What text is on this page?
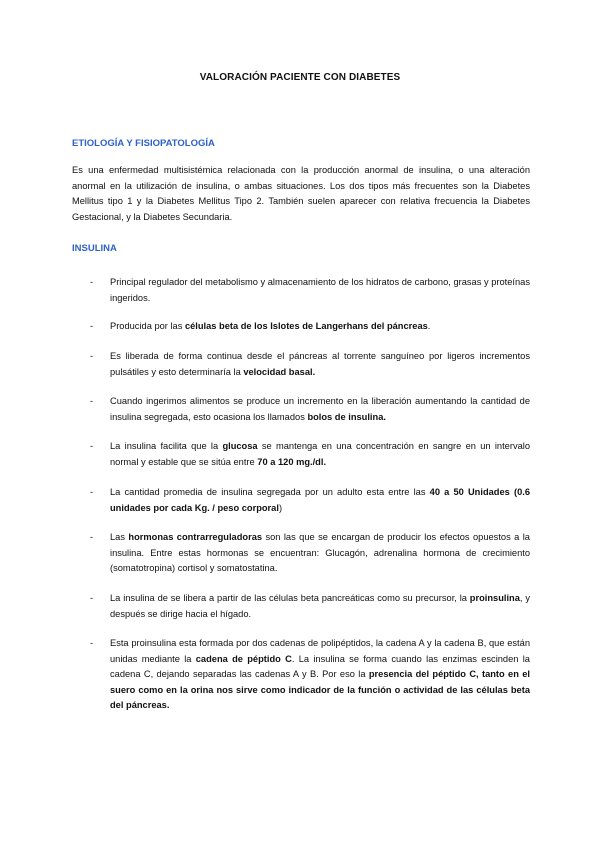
VALORACIÓN PACIENTE CON DIABETES
ETIOLOGÍA Y FISIOPATOLOGÍA
Es una enfermedad multisistémica relacionada con la producción anormal de insulina, o una alteración anormal en la utilización de insulina, o ambas situaciones. Los dos tipos más frecuentes son la Diabetes Mellitus tipo 1 y la Diabetes Mellitus Tipo 2. También suelen aparecer con relativa frecuencia la Diabetes Gestacional, y la Diabetes Secundaria.
INSULINA
- Principal regulador del metabolismo y almacenamiento de los hidratos de carbono, grasas y proteínas ingeridos.
- Producida por las células beta de los Islotes de Langerhans del páncreas.
- Es liberada de forma continua desde el páncreas al torrente sanguíneo por ligeros incrementos pulsátiles y esto determinaría la velocidad basal.
- Cuando ingerimos alimentos se produce un incremento en la liberación aumentando la cantidad de insulina segregada, esto ocasiona los llamados bolos de insulina.
- La insulina facilita que la glucosa se mantenga en una concentración en sangre en un intervalo normal y estable que se sitúa entre 70 a 120 mg./dl.
- La cantidad promedia de insulina segregada por un adulto esta entre las 40 a 50 Unidades (0.6 unidades por cada Kg. / peso corporal)
- Las hormonas contrarreguladoras son las que se encargan de producir los efectos opuestos a la insulina. Entre estas hormonas se encuentran: Glucagón, adrenalina hormona de crecimiento (somatotropina) cortisol y somatostatina.
- La insulina de se libera a partir de las células beta pancreáticas como su precursor, la proinsulina, y después se dirige hacia el hígado.
- Esta proinsulina esta formada por dos cadenas de polipéptidos, la cadena A y la cadena B, que están unidas mediante la cadena de péptido C. La insulina se forma cuando las enzimas escinden la cadena C, dejando separadas las cadenas A y B. Por eso la presencia del péptido C, tanto en el suero como en la orina nos sirve como indicador de la función o actividad de las células beta del páncreas.
